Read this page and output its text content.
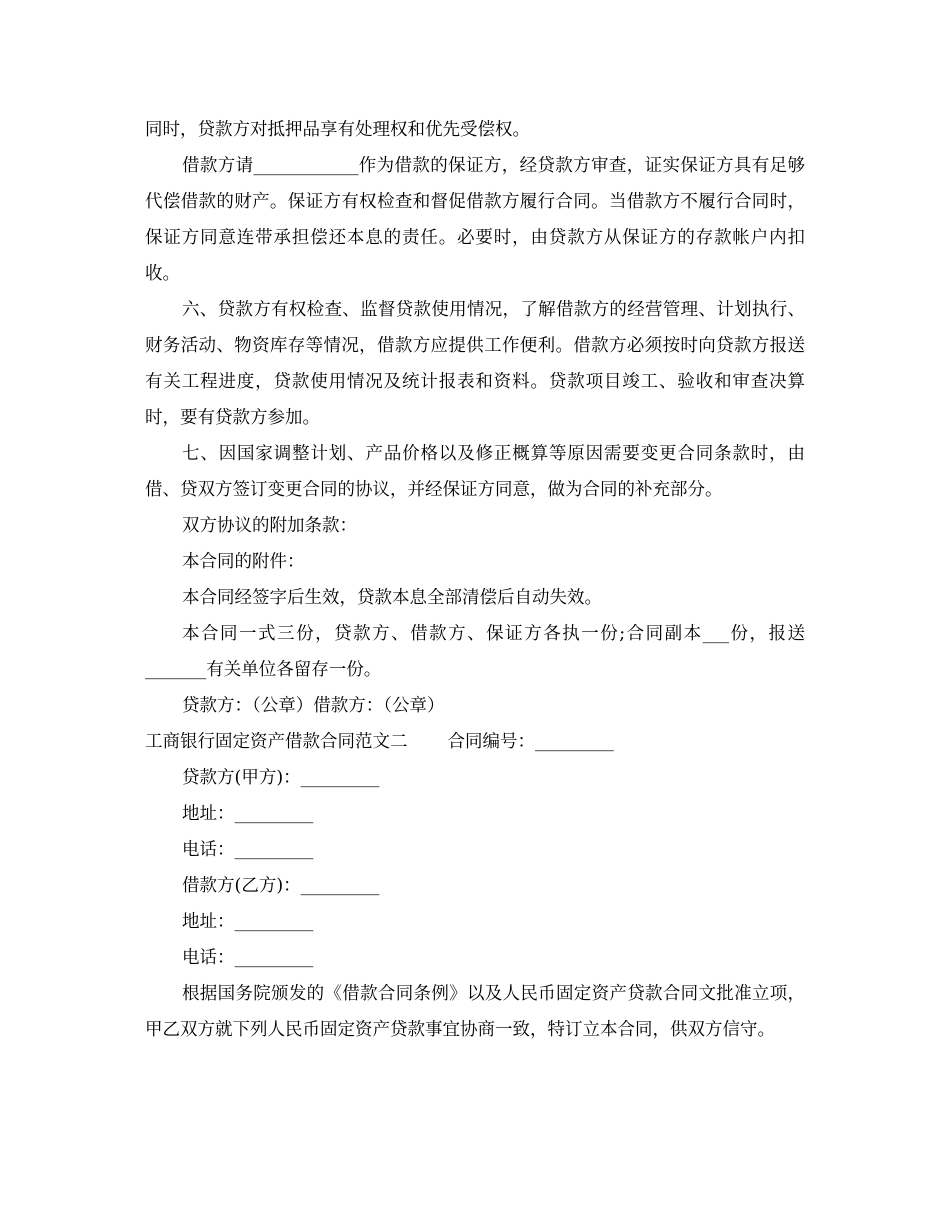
同时，贷款方对抵押品享有处理权和优先受偿权。

借款方请____________作为借款的保证方，经贷款方审查，证实保证方具有足够代偿借款的财产。保证方有权检查和督促借款方履行合同。当借款方不履行合同时，保证方同意连带承担偿还本息的责任。必要时，由贷款方从保证方的存款帐户内扣收。

六、贷款方有权检查、监督贷款使用情况，了解借款方的经营管理、计划执行、财务活动、物资库存等情况，借款方应提供工作便利。借款方必须按时向贷款方报送有关工程进度，贷款使用情况及统计报表和资料。贷款项目竣工、验收和审查决算时，要有贷款方参加。

七、因国家调整计划、产品价格以及修正概算等原因需要变更合同条款时，由借、贷双方签订变更合同的协议，并经保证方同意，做为合同的补充部分。

双方协议的附加条款：

本合同的附件：

本合同经签字后生效，贷款本息全部清偿后自动失效。

本合同一式三份，贷款方、借款方、保证方各执一份;合同副本___份，报送_______有关单位各留存一份。

贷款方：（公章）借款方：（公章）

工商银行固定资产借款合同范文二 合同编号：_________

贷款方(甲方)：_________

地址：_________

电话：_________

借款方(乙方)：_________

地址：_________

电话：_________

根据国务院颁发的《借款合同条例》以及人民币固定资产贷款合同文批准立项，甲乙双方就下列人民币固定资产贷款事宜协商一致，特订立本合同，供双方信守。
